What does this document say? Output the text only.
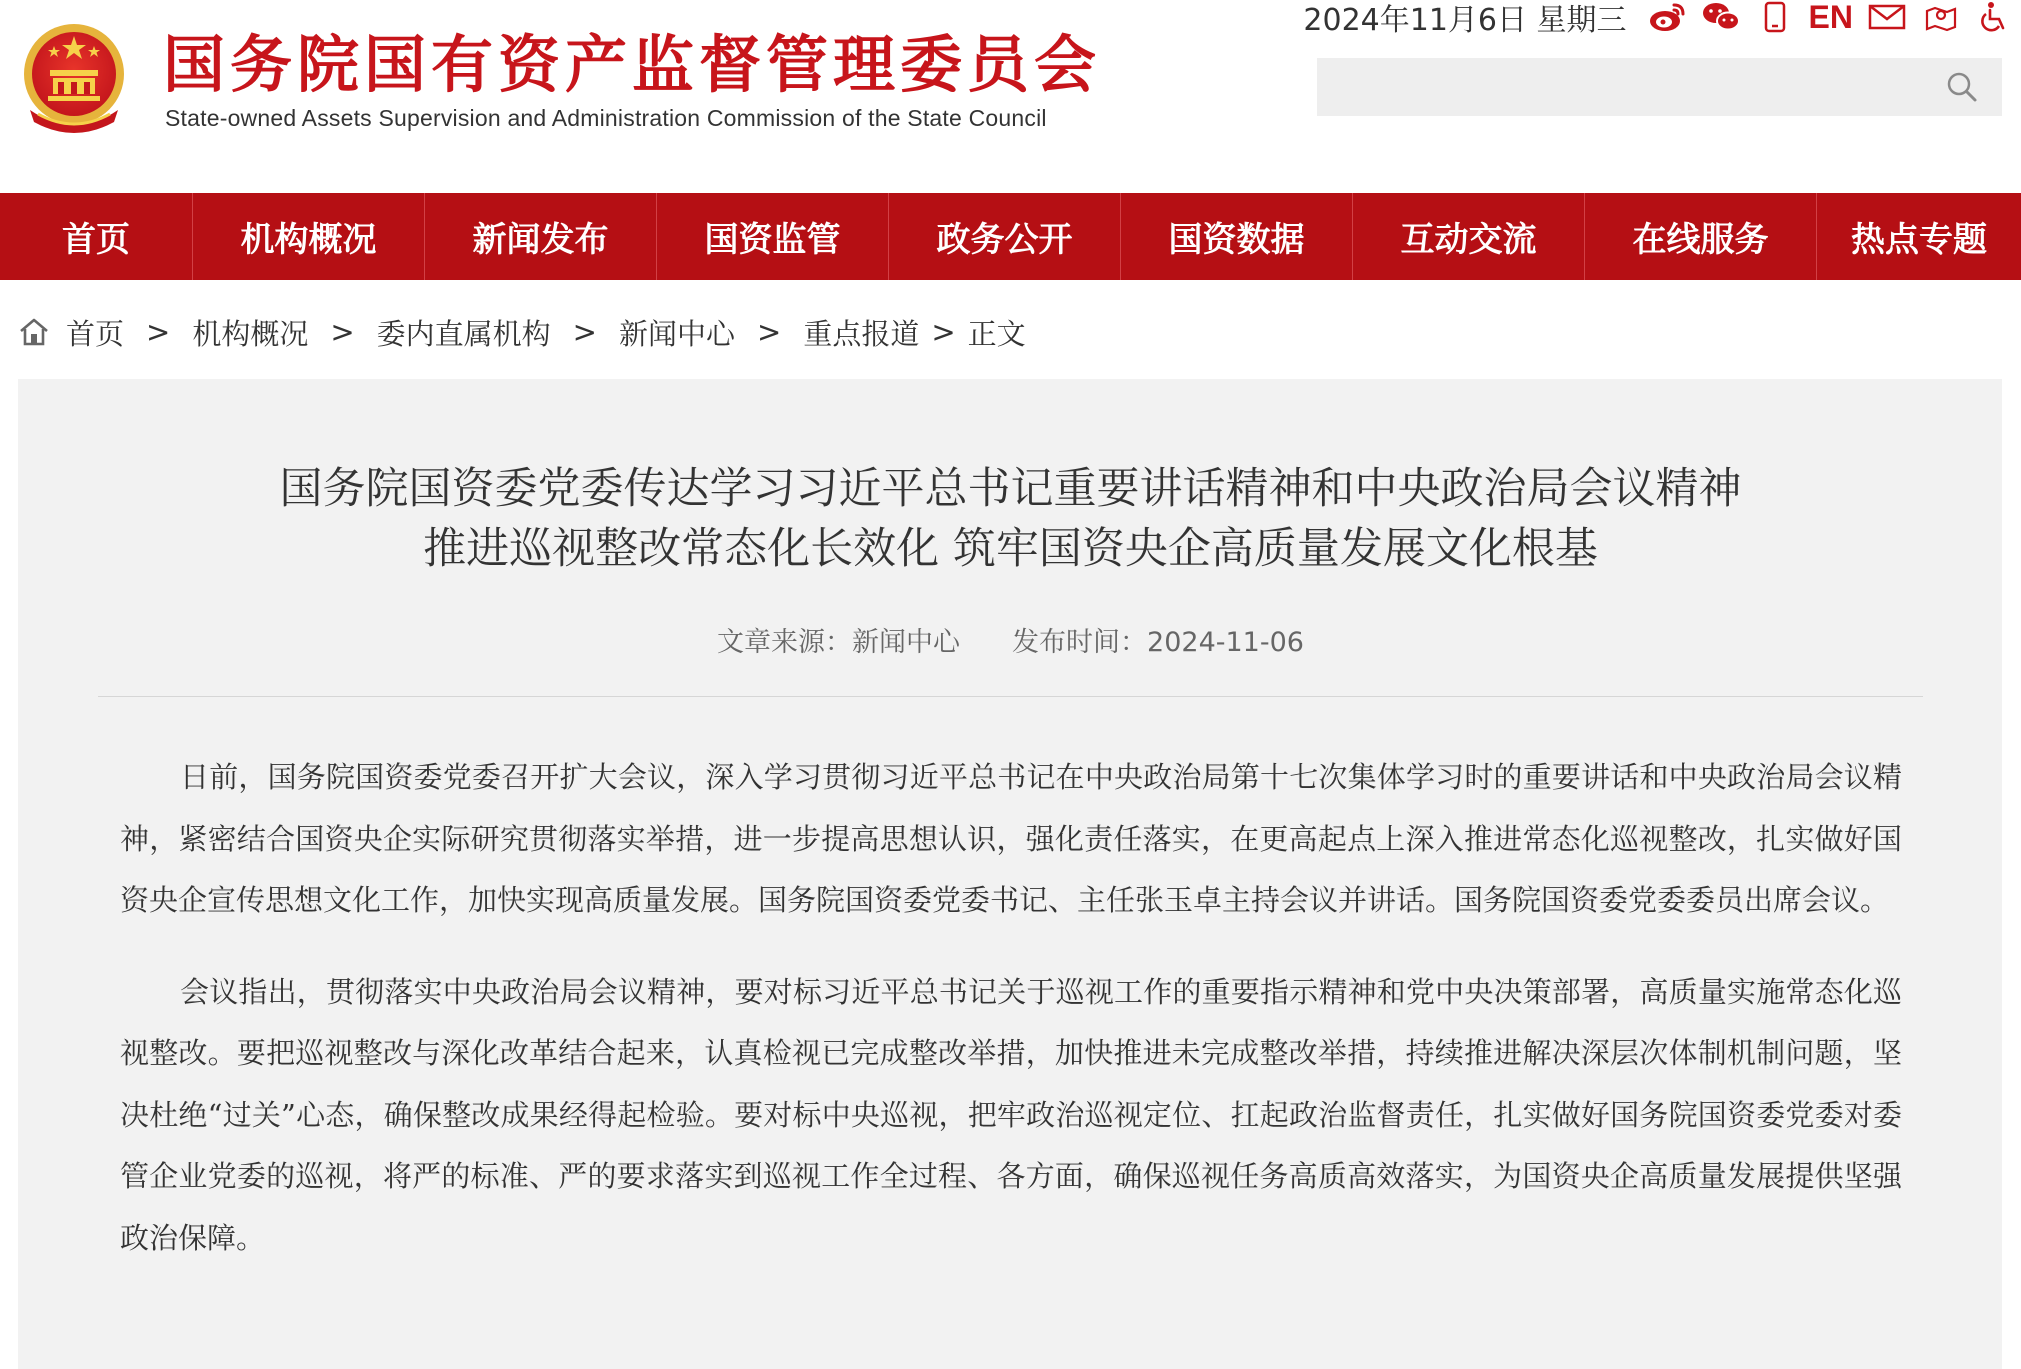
国务院国有资产监督管理委员会
State-owned Assets Supervision and Administration Commission of the State Council
2024年11月6日 星期三	EN
首页	机构概况	新闻发布	国资监管	政务公开	国资数据	互动交流	在线服务	热点专题
首页 > 机构概况 > 委内直属机构 > 新闻中心 > 重点报道 > 正文
国务院国资委党委传达学习习近平总书记重要讲话精神和中央政治局会议精神
推进巡视整改常态化长效化 筑牢国资央企高质量发展文化根基
文章来源：新闻中心 发布时间：2024-11-06

日前，国务院国资委党委召开扩大会议，深入学习贯彻习近平总书记在中央政治局第十七次集体学习时的重要讲话和中央政治局会议精神，紧密结合国资央企实际研究贯彻落实举措，进一步提高思想认识，强化责任落实，在更高起点上深入推进常态化巡视整改，扎实做好国资央企宣传思想文化工作，加快实现高质量发展。国务院国资委党委书记、主任张玉卓主持会议并讲话。国务院国资委党委委员出席会议。

会议指出，贯彻落实中央政治局会议精神，要对标习近平总书记关于巡视工作的重要指示精神和党中央决策部署，高质量实施常态化巡视整改。要把巡视整改与深化改革结合起来，认真检视已完成整改举措，加快推进未完成整改举措，持续推进解决深层次体制机制问题，坚决杜绝“过关”心态，确保整改成果经得起检验。要对标中央巡视，把牢政治巡视定位、扛起政治监督责任，扎实做好国务院国资委党委对委管企业党委的巡视，将严的标准、严的要求落实到巡视工作全过程、各方面，确保巡视任务高质高效落实，为国资央企高质量发展提供坚强政治保障。
